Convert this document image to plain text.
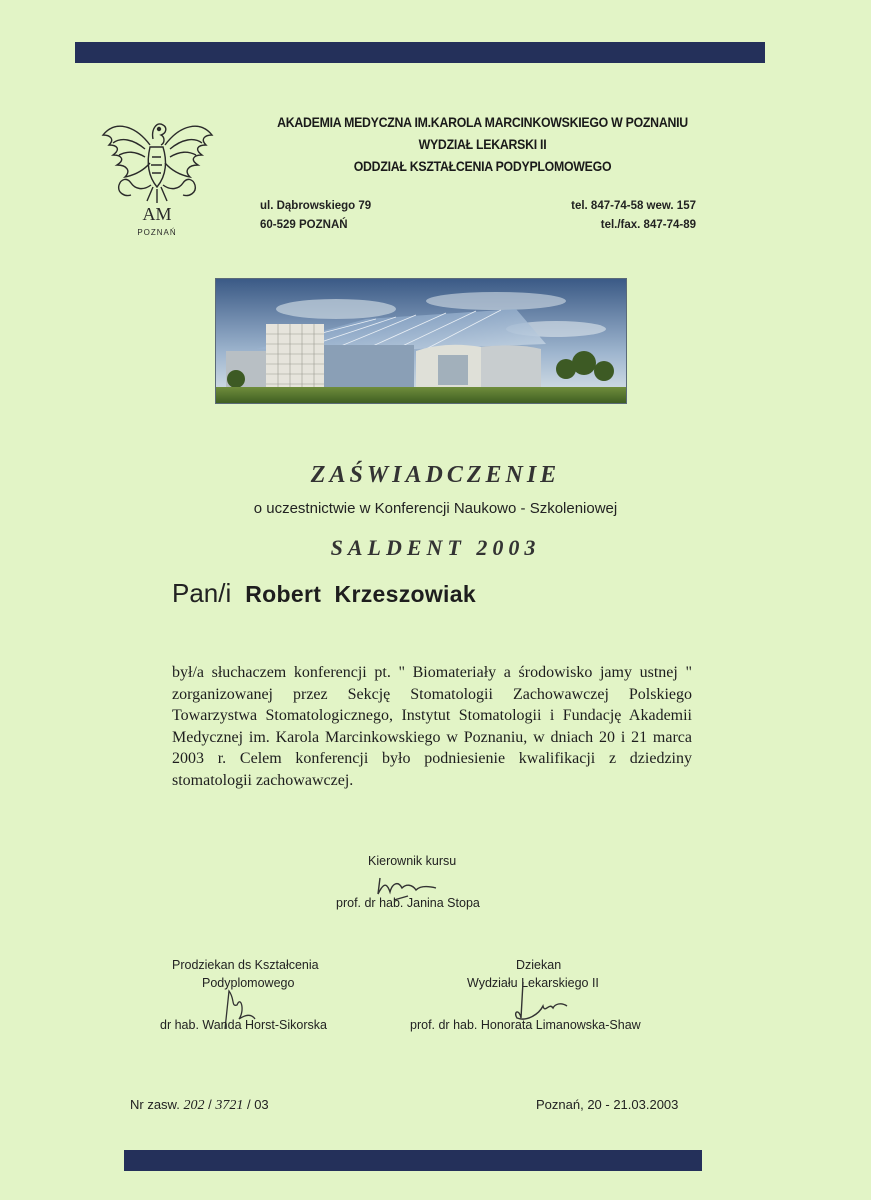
AM
POZNAŃ
AKADEMIA MEDYCZNA IM.KAROLA MARCINKOWSKIEGO W POZNANIU
WYDZIAŁ LEKARSKI II
ODDZIAŁ KSZTAŁCENIA PODYPLOMOWEGO
ul. Dąbrowskiego 79
60-529 POZNAŃ
tel. 847-74-58 wew. 157
tel./fax. 847-74-89
ZAŚWIADCZENIE
o uczestnictwie w Konferencji Naukowo - Szkoleniowej
SALDENT 2003
Pan/i Robert  Krzeszowiak
był/a słuchaczem konferencji pt. " Biomateriały a środowisko jamy ustnej " zorganizowanej przez Sekcję Stomatologii Zachowawczej Polskiego Towarzystwa Stomatologicznego, Instytut Stomatologii i Fundację Akademii Medycznej im. Karola Marcinkowskiego w Poznaniu, w dniach 20 i 21 marca 2003 r. Celem konferencji było podniesienie kwalifikacji z dziedziny stomatologii zachowawczej.
Kierownik kursu
prof. dr hab. Janina Stopa
Prodziekan ds Kształcenia
Podyplomowego
dr hab. Wanda Horst-Sikorska
Dziekan
Wydziału Lekarskiego II
prof. dr hab. Honorata Limanowska-Shaw
Nr zasw. 202 / 3721 / 03	Poznań, 20 - 21.03.2003
